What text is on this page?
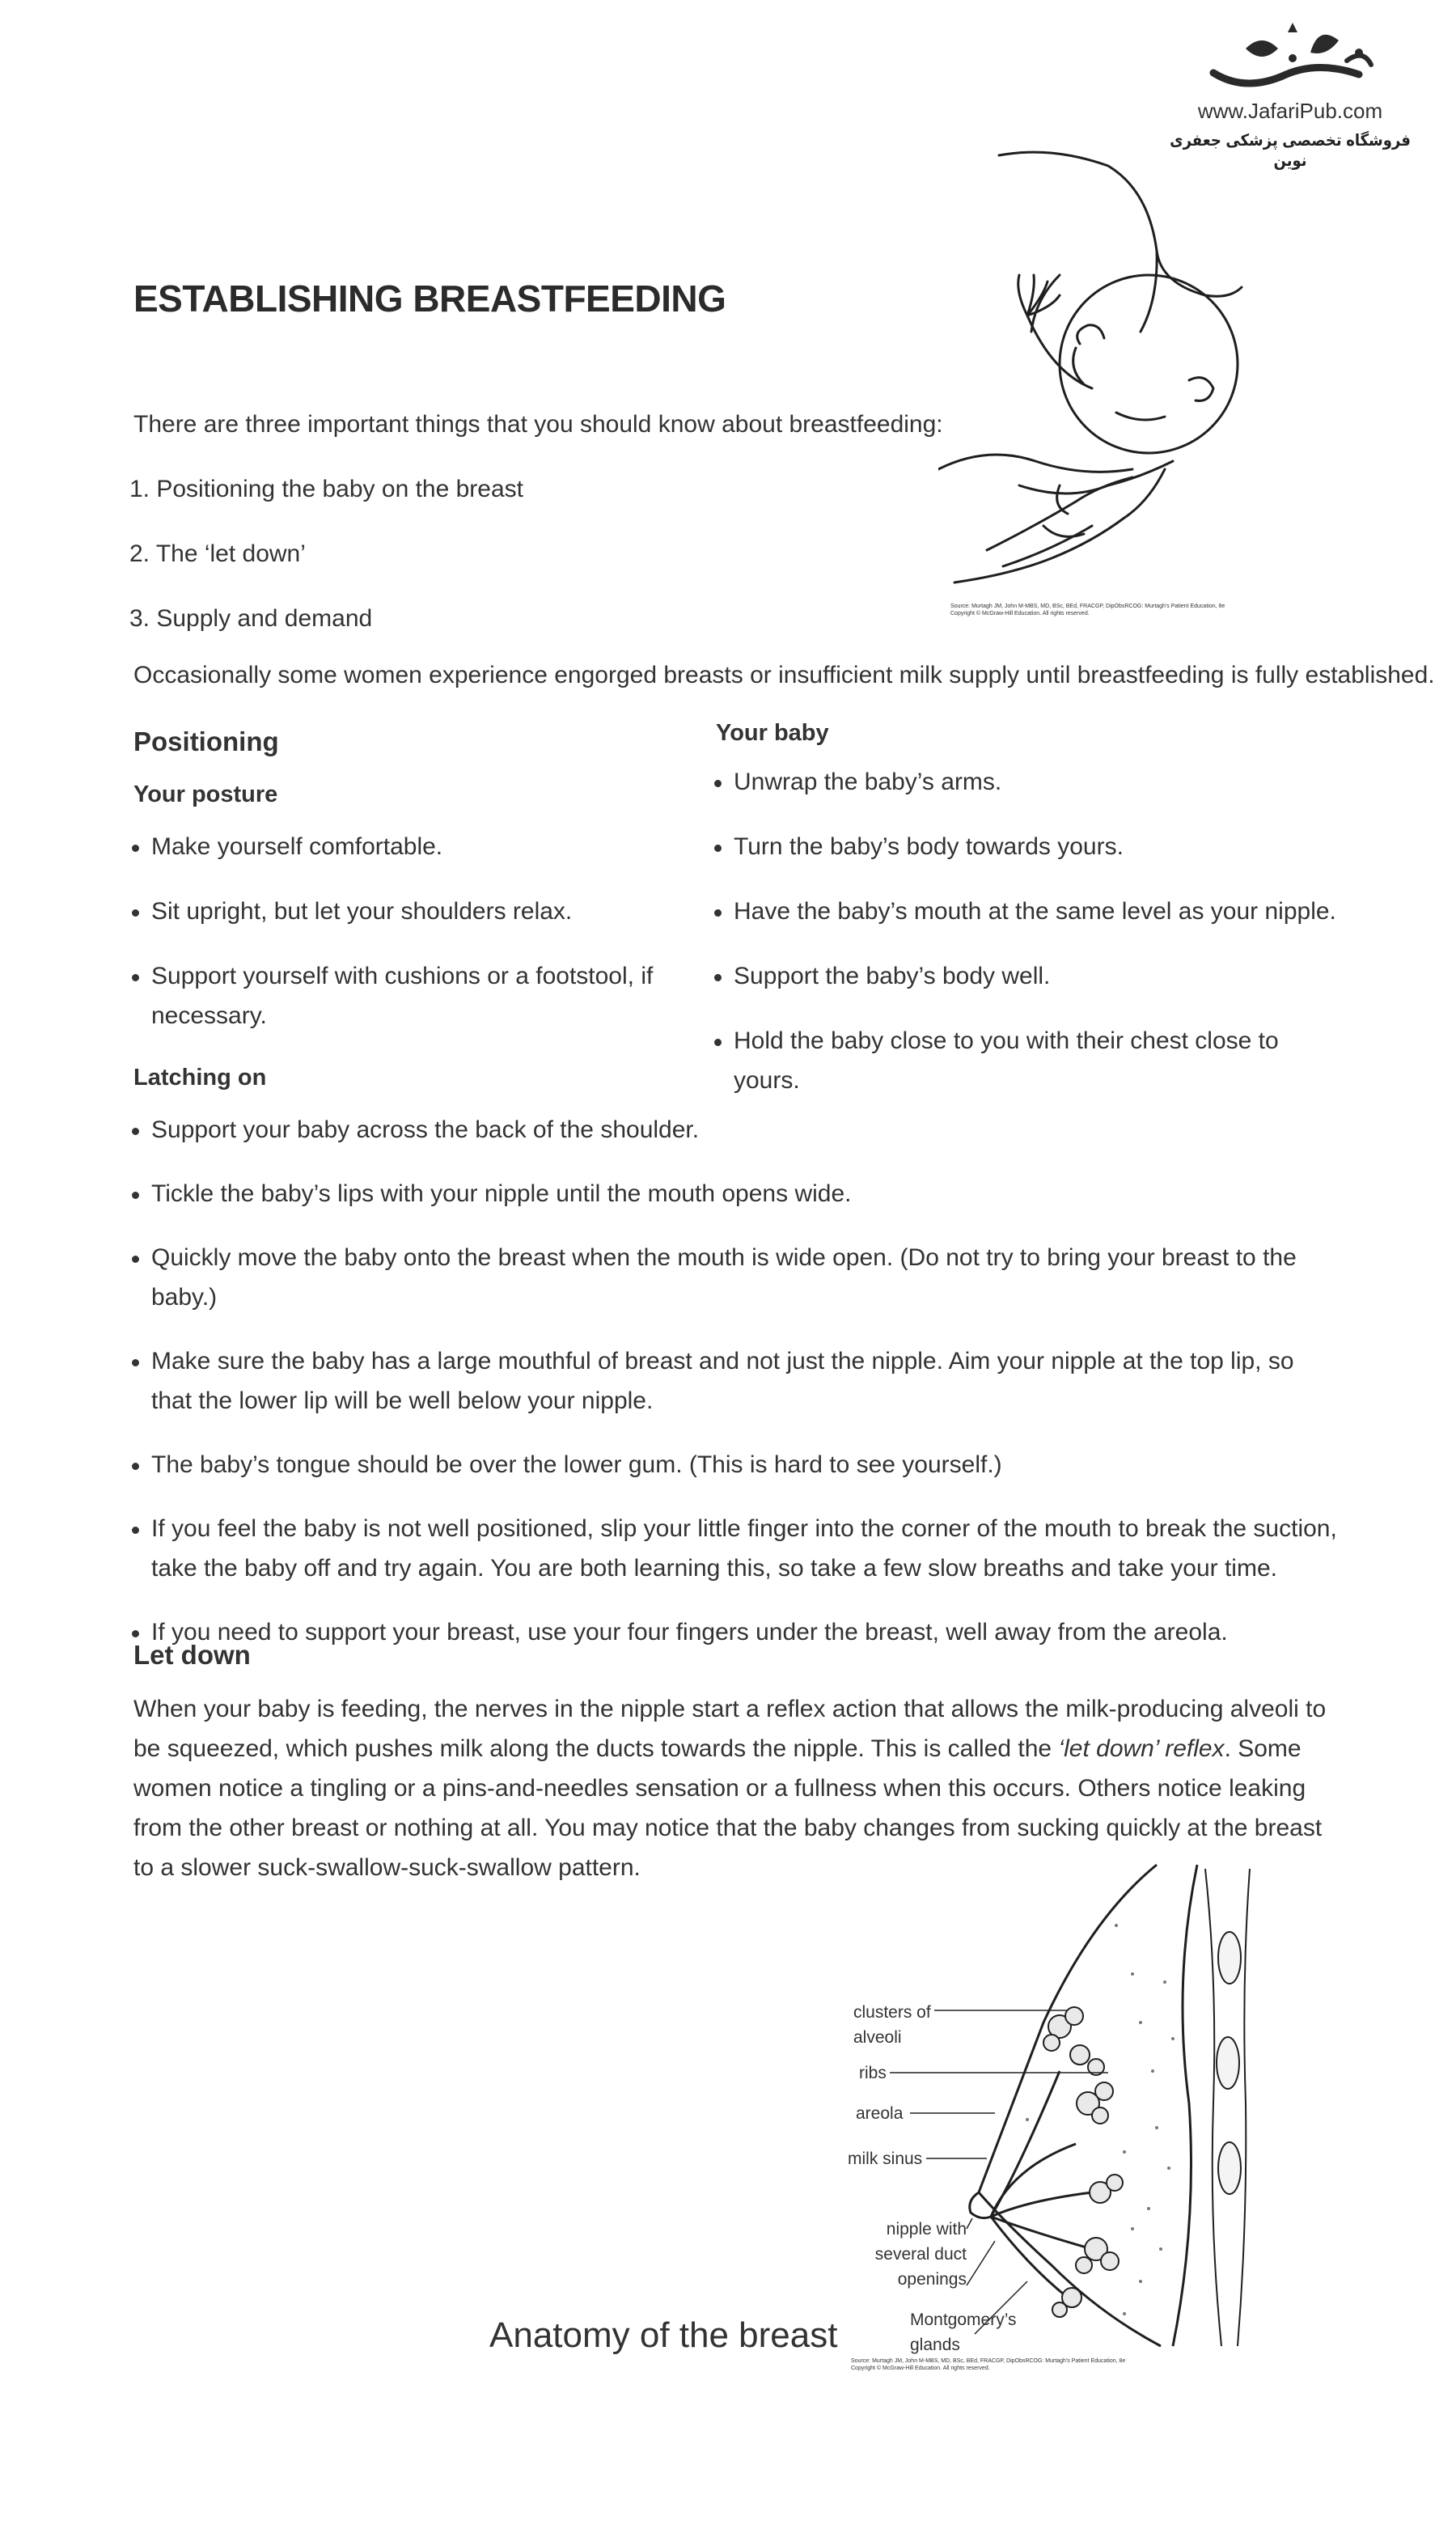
www.JafariPub.com
فروشگاه تخصصی پزشکی جعفری نوین
ESTABLISHING BREASTFEEDING
There are three important things that you should know about breastfeeding:
1. Positioning the baby on the breast
2. The ‘let down’
3. Supply and demand	Source: Murtagh JM, John M-MBS, MD, BSc, BEd, FRACGP, DipObsRCOG: Murtagh's Patient Education, 8e
Copyright © McGraw-Hill Education. All rights reserved.
Occasionally some women experience engorged breasts or insufficient milk supply until breastfeeding is fully established.
Positioning
Your posture
Make yourself comfortable.
Sit upright, but let your shoulders relax.
Support yourself with cushions or a footstool, if necessary.
Your baby
Unwrap the baby’s arms.
Turn the baby’s body towards yours.
Have the baby’s mouth at the same level as your nipple.
Support the baby’s body well.
Hold the baby close to you with their chest close to yours.
Latching on
Support your baby across the back of the shoulder.
Tickle the baby’s lips with your nipple until the mouth opens wide.
Quickly move the baby onto the breast when the mouth is wide open. (Do not try to bring your breast to the baby.)
Make sure the baby has a large mouthful of breast and not just the nipple. Aim your nipple at the top lip, so that the lower lip will be well below your nipple.
The baby’s tongue should be over the lower gum. (This is hard to see yourself.)
If you feel the baby is not well positioned, slip your little finger into the corner of the mouth to break the suction, take the baby off and try again. You are both learning this, so take a few slow breaths and take your time.
If you need to support your breast, use your four fingers under the breast, well away from the areola.
Let down
When your baby is feeding, the nerves in the nipple start a reflex action that allows the milk-producing alveoli to be squeezed, which pushes milk along the ducts towards the nipple. This is called the ‘let down’ reflex. Some women notice a tingling or a pins-and-needles sensation or a fullness when this occurs. Others notice leaking from the other breast or nothing at all. You may notice that the baby changes from sucking quickly at the breast to a slower suck-swallow-suck-swallow pattern.
clusters of alveoli
ribs
areola
milk sinus
nipple with several duct openings
Montgomery’s glands
Source: Murtagh JM, John M-MBS, MD, BSc, BEd, FRACGP, DipObsRCOG: Murtagh's Patient Education, 8e
Copyright © McGraw-Hill Education. All rights reserved.
Anatomy of the breast
